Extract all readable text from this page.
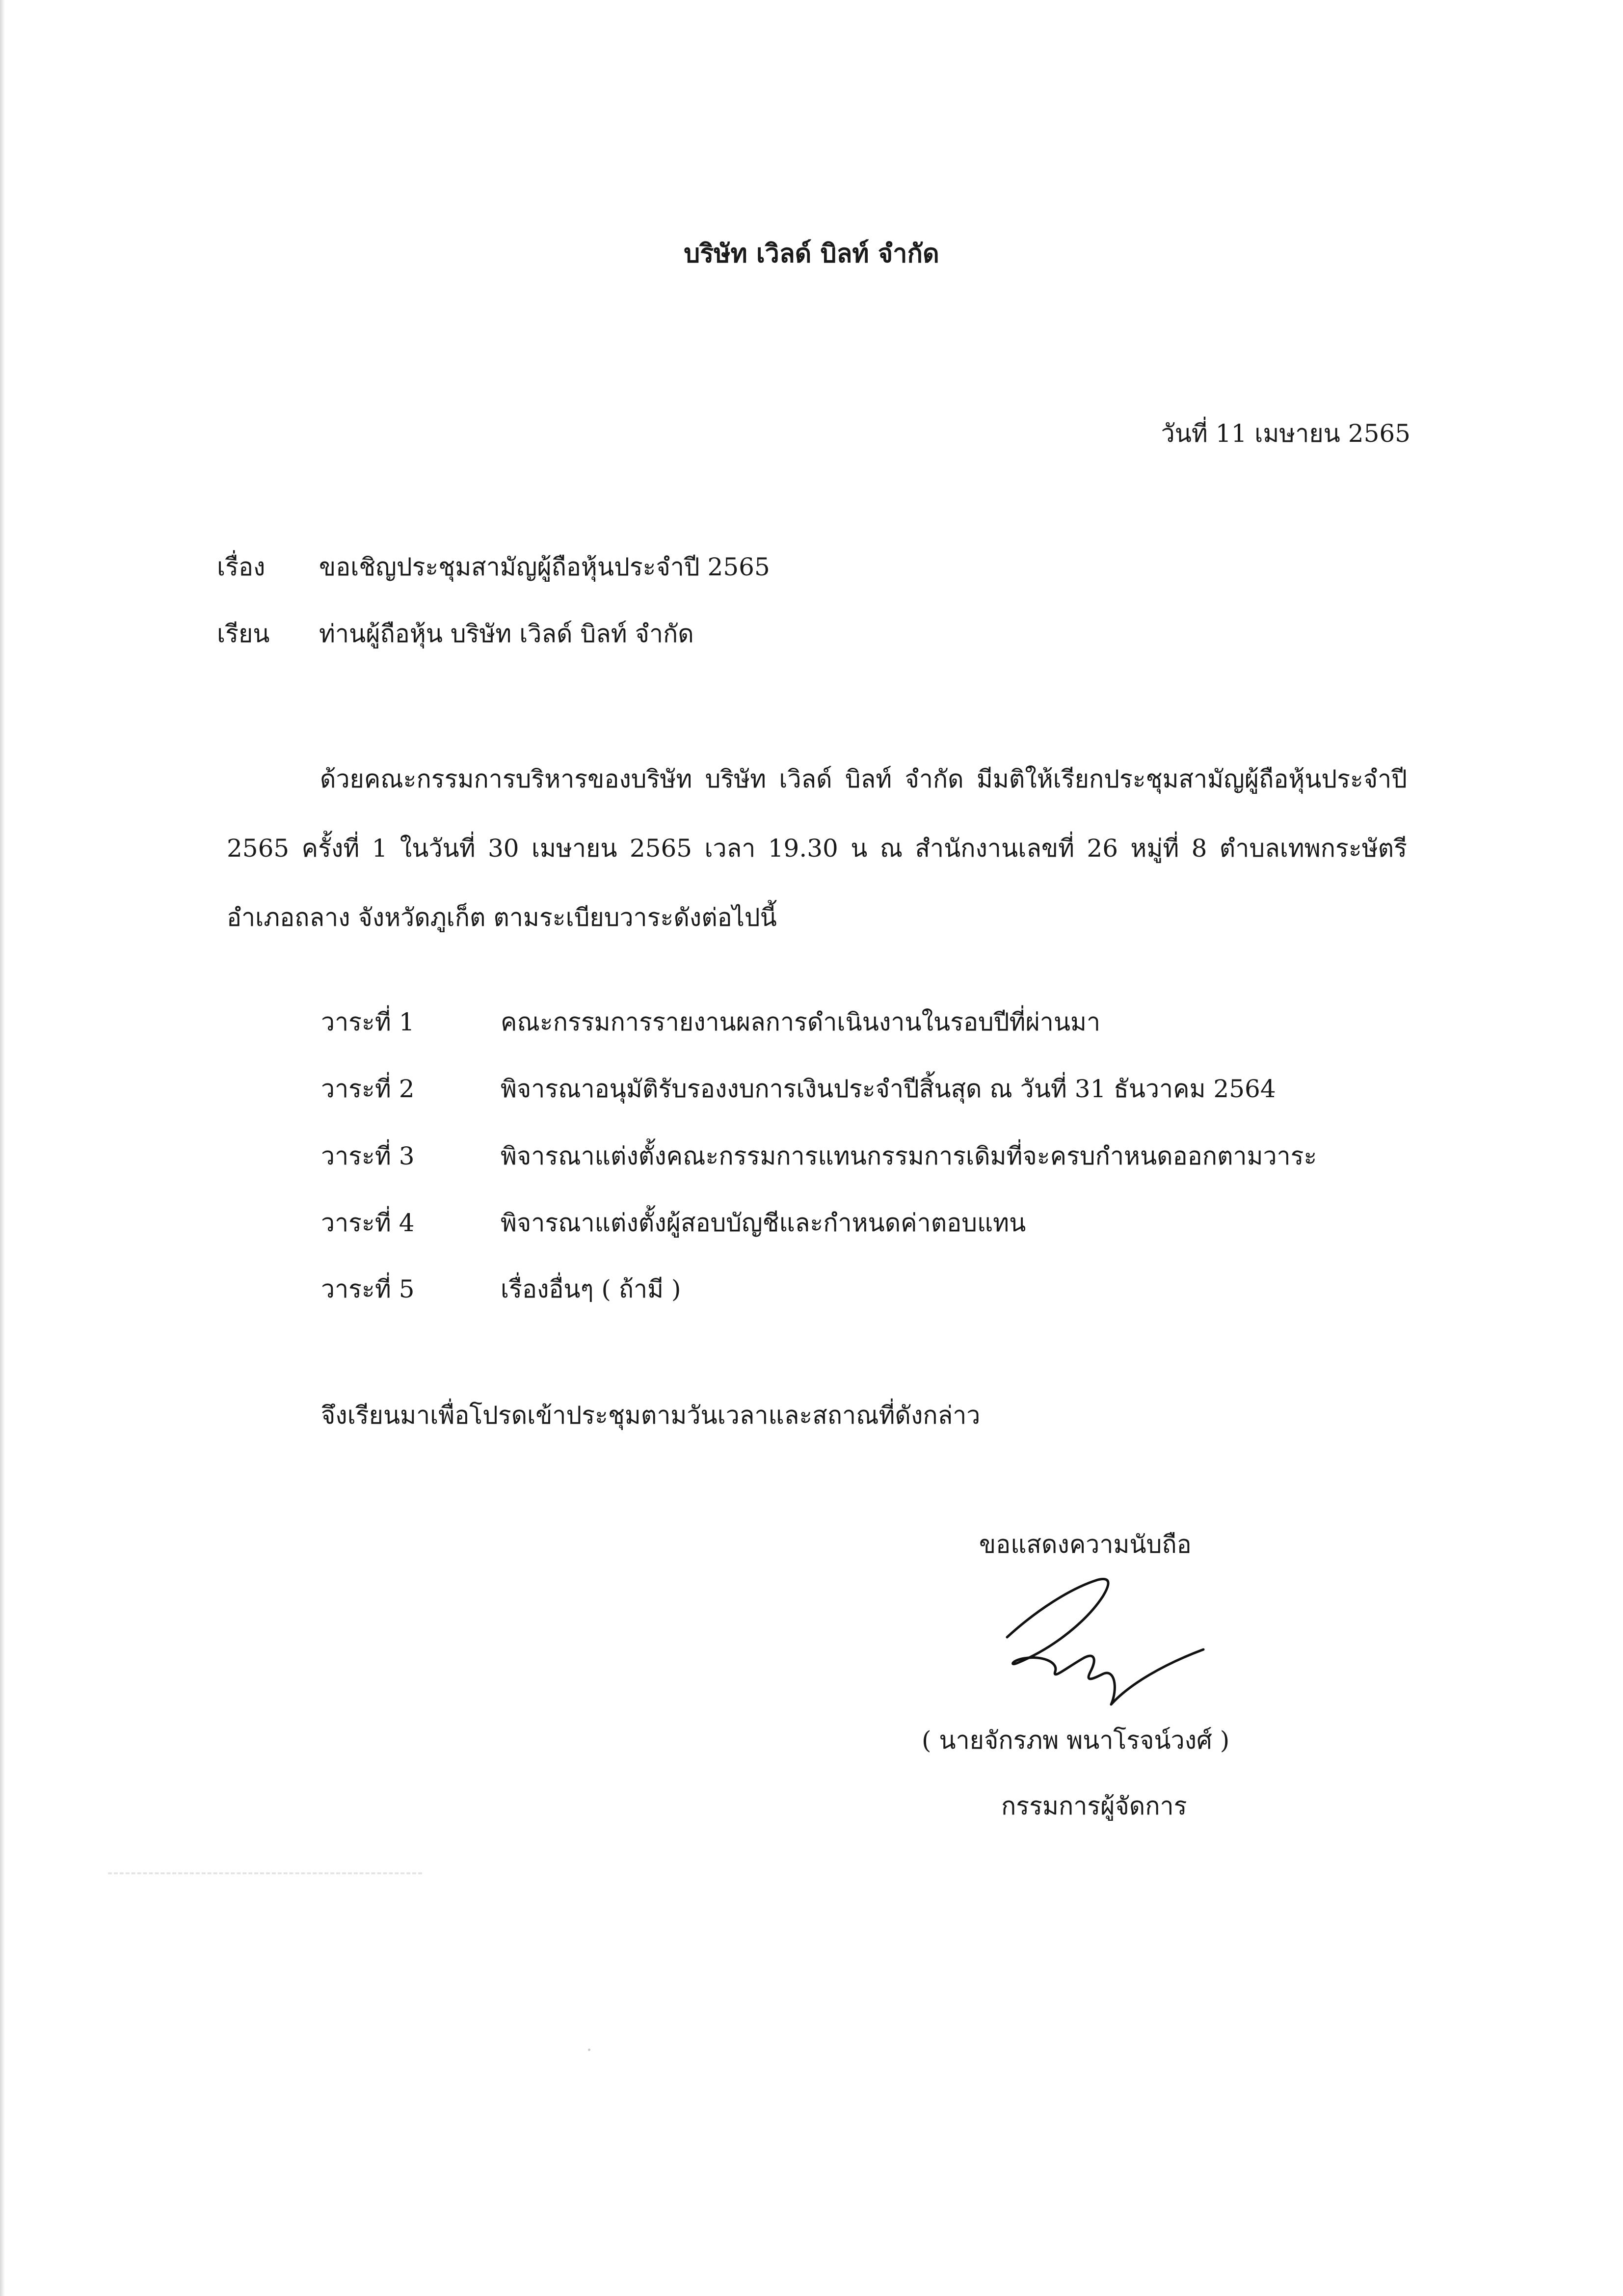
บริษัท เวิลด์ บิลท์ จำกัด
วันที่ 11 เมษายน 2565
เรื่อง ขอเชิญประชุมสามัญผู้ถือหุ้นประจำปี 2565
เรียน ท่านผู้ถือหุ้น บริษัท เวิลด์ บิลท์ จำกัด
ด้วยคณะกรรมการบริหารของบริษัท บริษัท เวิลด์ บิลท์ จำกัด มีมติให้เรียกประชุมสามัญผู้ถือหุ้นประจำปี 2565 ครั้งที่ 1 ในวันที่ 30 เมษายน 2565 เวลา 19.30 น ณ สำนักงานเลขที่ 26 หมู่ที่ 8 ตำบลเทพกระษัตรี อำเภอถลาง จังหวัดภูเก็ต ตามระเบียบวาระดังต่อไปนี้
วาระที่ 1	คณะกรรมการรายงานผลการดำเนินงานในรอบปีที่ผ่านมา
วาระที่ 2	พิจารณาอนุมัติรับรองงบการเงินประจำปีสิ้นสุด ณ วันที่ 31 ธันวาคม 2564
วาระที่ 3	พิจารณาแต่งตั้งคณะกรรมการแทนกรรมการเดิมที่จะครบกำหนดออกตามวาระ
วาระที่ 4	พิจารณาแต่งตั้งผู้สอบบัญชีและกำหนดค่าตอบแทน
วาระที่ 5	เรื่องอื่นๆ ( ถ้ามี )
จึงเรียนมาเพื่อโปรดเข้าประชุมตามวันเวลาและสถาณที่ดังกล่าว
ขอแสดงความนับถือ
( นายจักรภพ พนาโรจน์วงศ์ )
กรรมการผู้จัดการ
